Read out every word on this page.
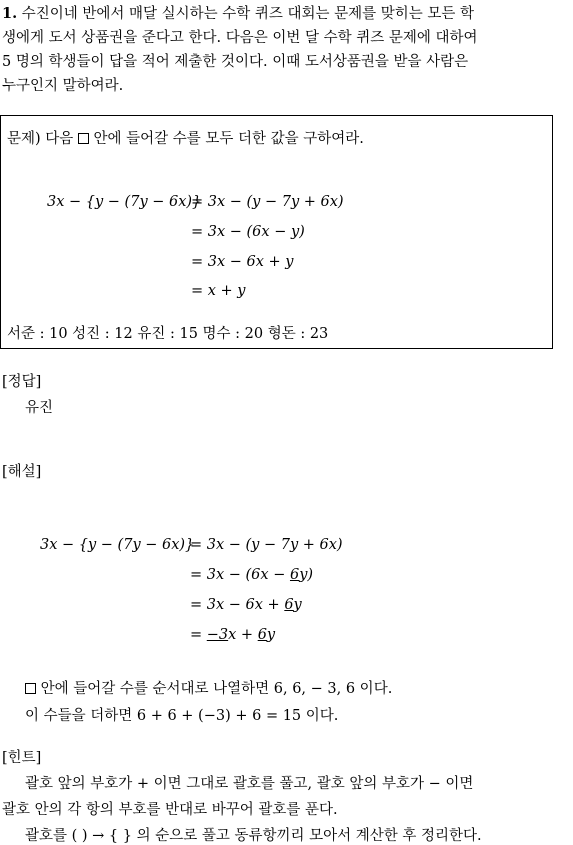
1. 수진이네 반에서 매달 실시하는 수학 퀴즈 대회는 문제를 맞히는 모든 학
생에게 도서 상품권을 준다고 한다. 다음은 이번 달 수학 퀴즈 문제에 대하여
5 명의 학생들이 답을 적어 제출한 것이다. 이때 도서상품권을 받을 사람은
누구인지 말하여라.
문제) 다음 안에 들어갈 수를 모두 더한 값을 구하여라.
3x − {y − (7y − 6x)}
= 3x − (y − 7y + 6x)
= 3x − (6x − y)
= 3x − 6x + y
= x + y
서준 : 10 성진 : 12 유진 : 15 명수 : 20 형돈 : 23
[정답]
유진
[해설]
3x − {y − (7y − 6x)}
= 3x − (y − 7y + 6x)
= 3x − (6x − 6y)
= 3x − 6x + 6y
= −3x + 6y
안에 들어갈 수를 순서대로 나열하면 6, 6, − 3, 6 이다.
이 수들을 더하면 6 + 6 + (−3) + 6 = 15 이다.
[힌트]
괄호 앞의 부호가 + 이면 그대로 괄호를 풀고, 괄호 앞의 부호가 − 이면
괄호 안의 각 항의 부호를 반대로 바꾸어 괄호를 푼다.
괄호를 ( ) → { } 의 순으로 풀고 동류항끼리 모아서 계산한 후 정리한다.
